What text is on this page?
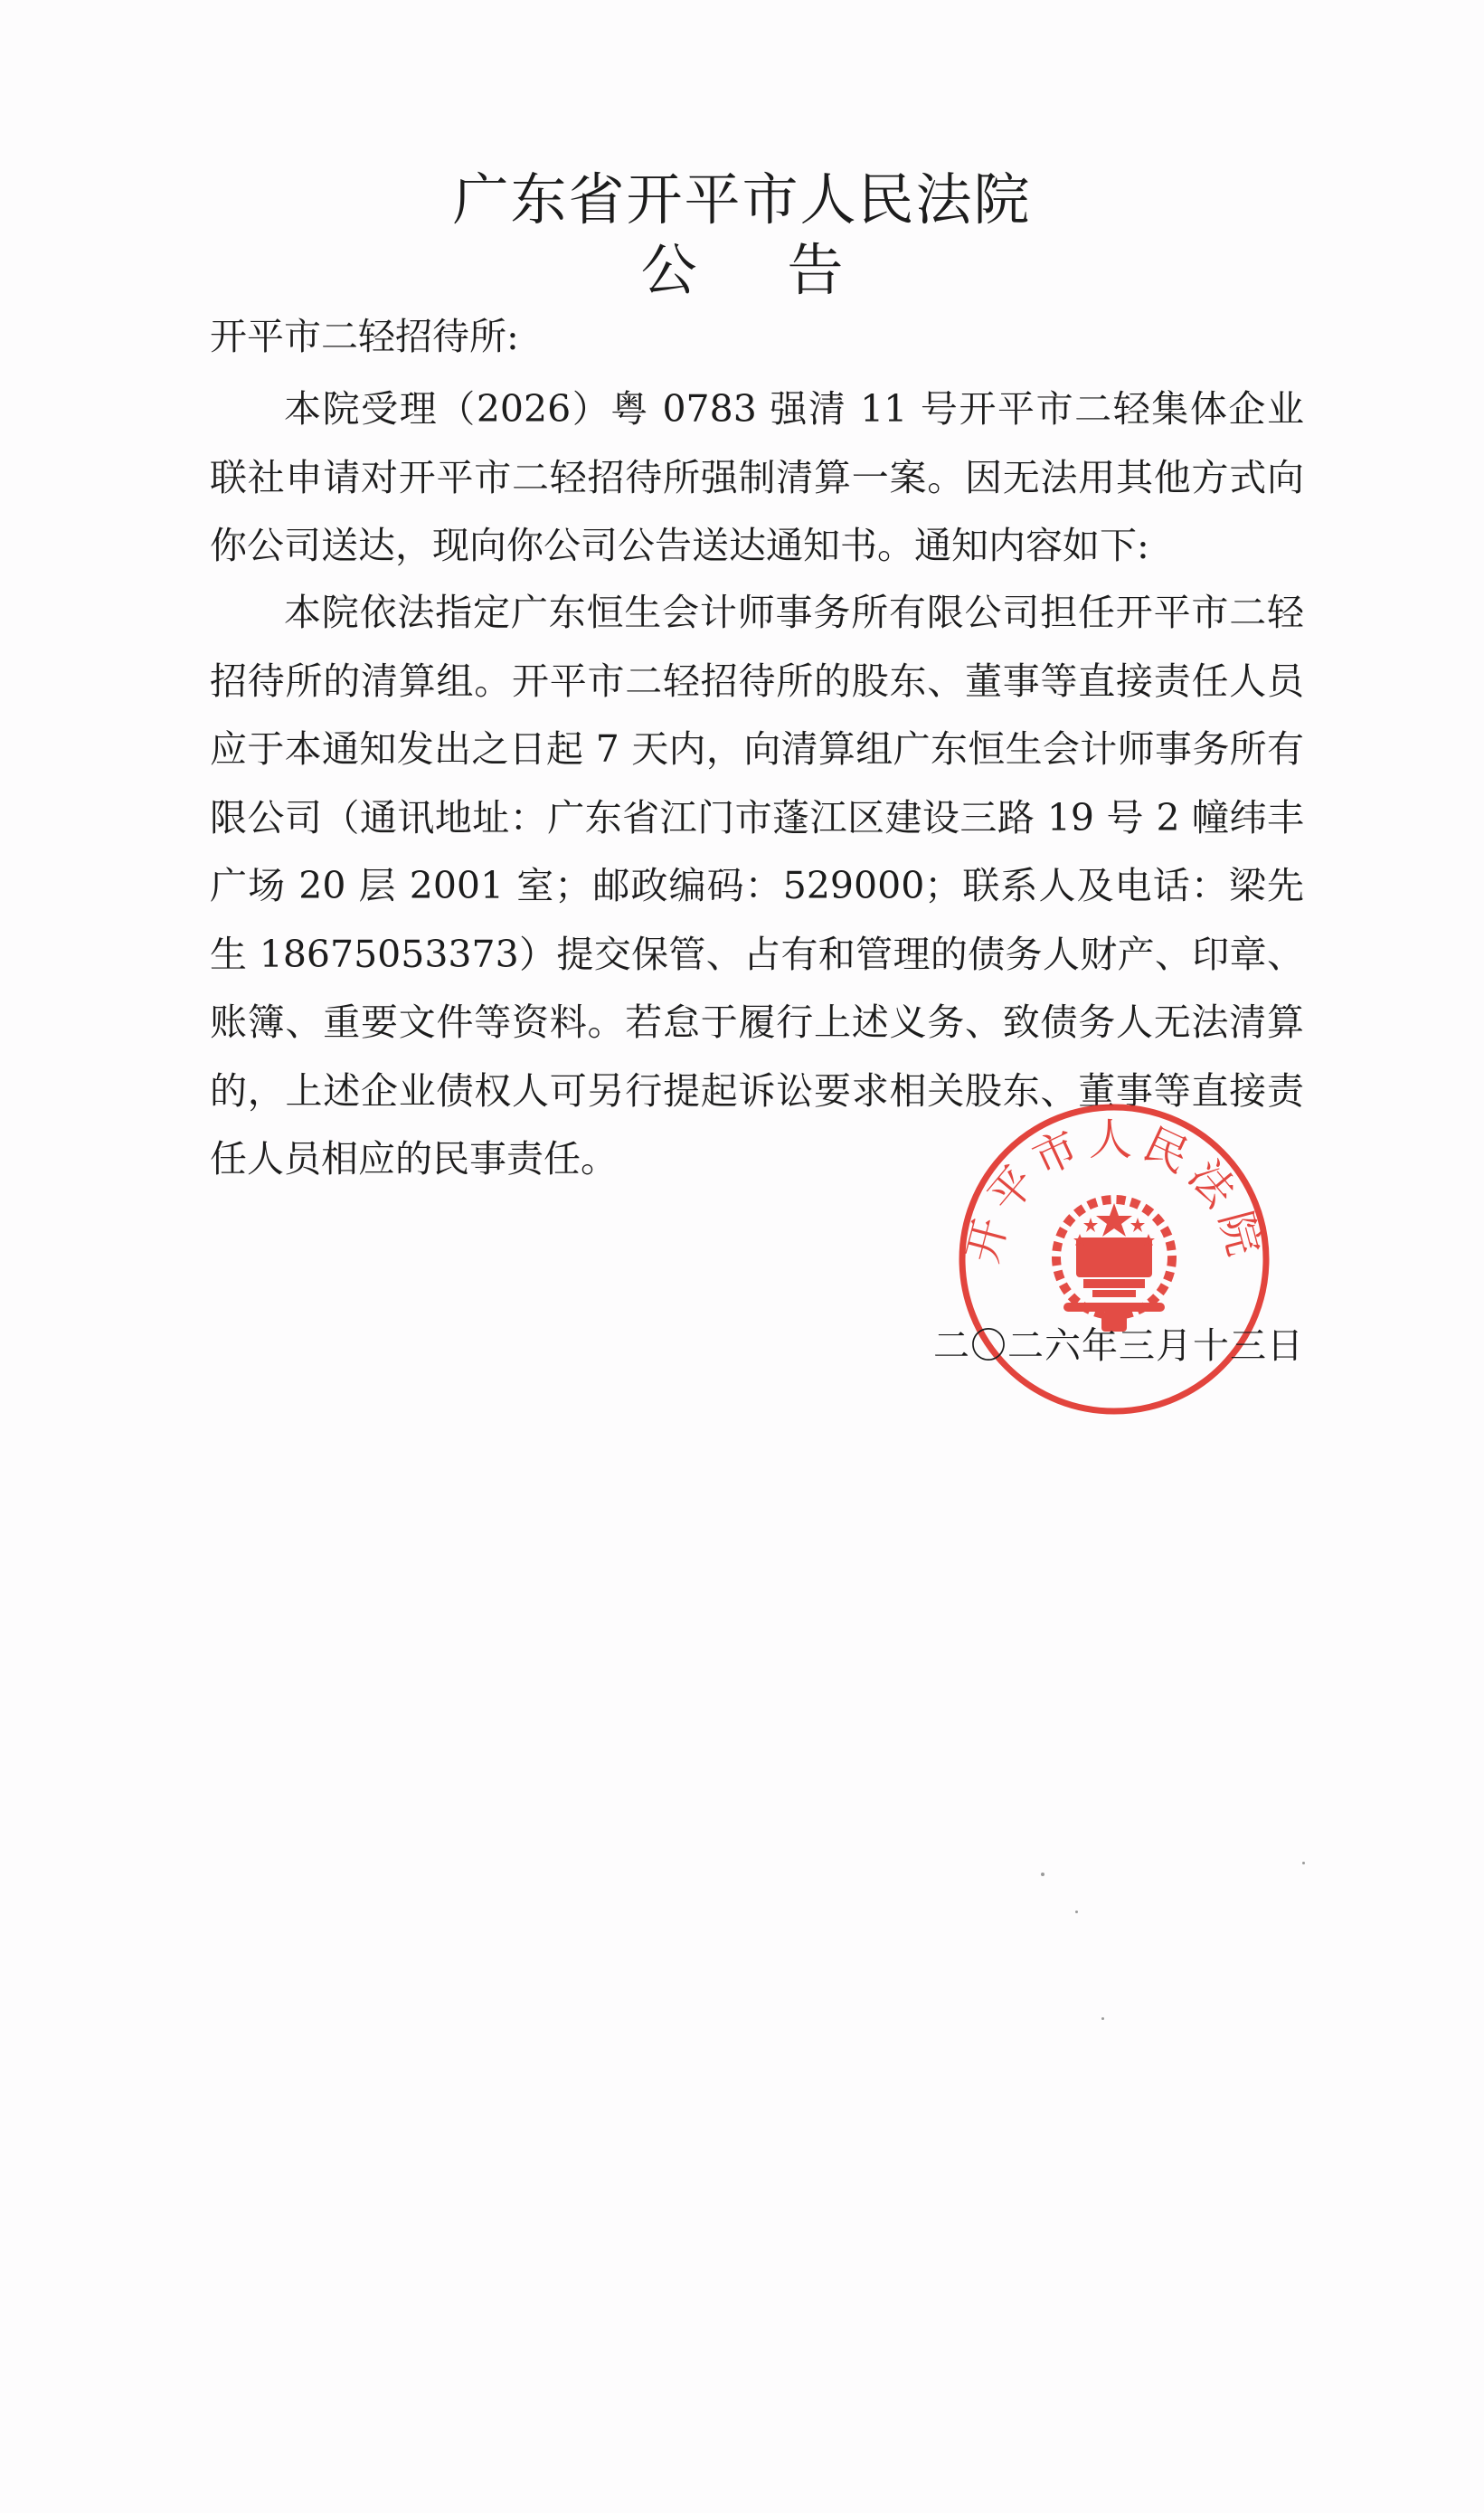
广东省开平市人民法院
公 告
开平市二轻招待所:

本院受理（2026）粤 0783 强清 11 号开平市二轻集体企业联社申请对开平市二轻招待所强制清算一案。因无法用其他方式向你公司送达，现向你公司公告送达通知书。通知内容如下:

本院依法指定广东恒生会计师事务所有限公司担任开平市二轻招待所的清算组。开平市二轻招待所的股东、董事等直接责任人员应于本通知发出之日起 7 天内，向清算组广东恒生会计师事务所有限公司（通讯地址：广东省江门市蓬江区建设三路 19 号 2 幢纬丰广场 20 层 2001 室；邮政编码：529000；联系人及电话：梁先生 18675053373）提交保管、占有和管理的债务人财产、印章、账簿、重要文件等资料。若怠于履行上述义务、致债务人无法清算的，上述企业债权人可另行提起诉讼要求相关股东、董事等直接责任人员相应的民事责任。

开平市人民法院
二〇二六年三月十三日
